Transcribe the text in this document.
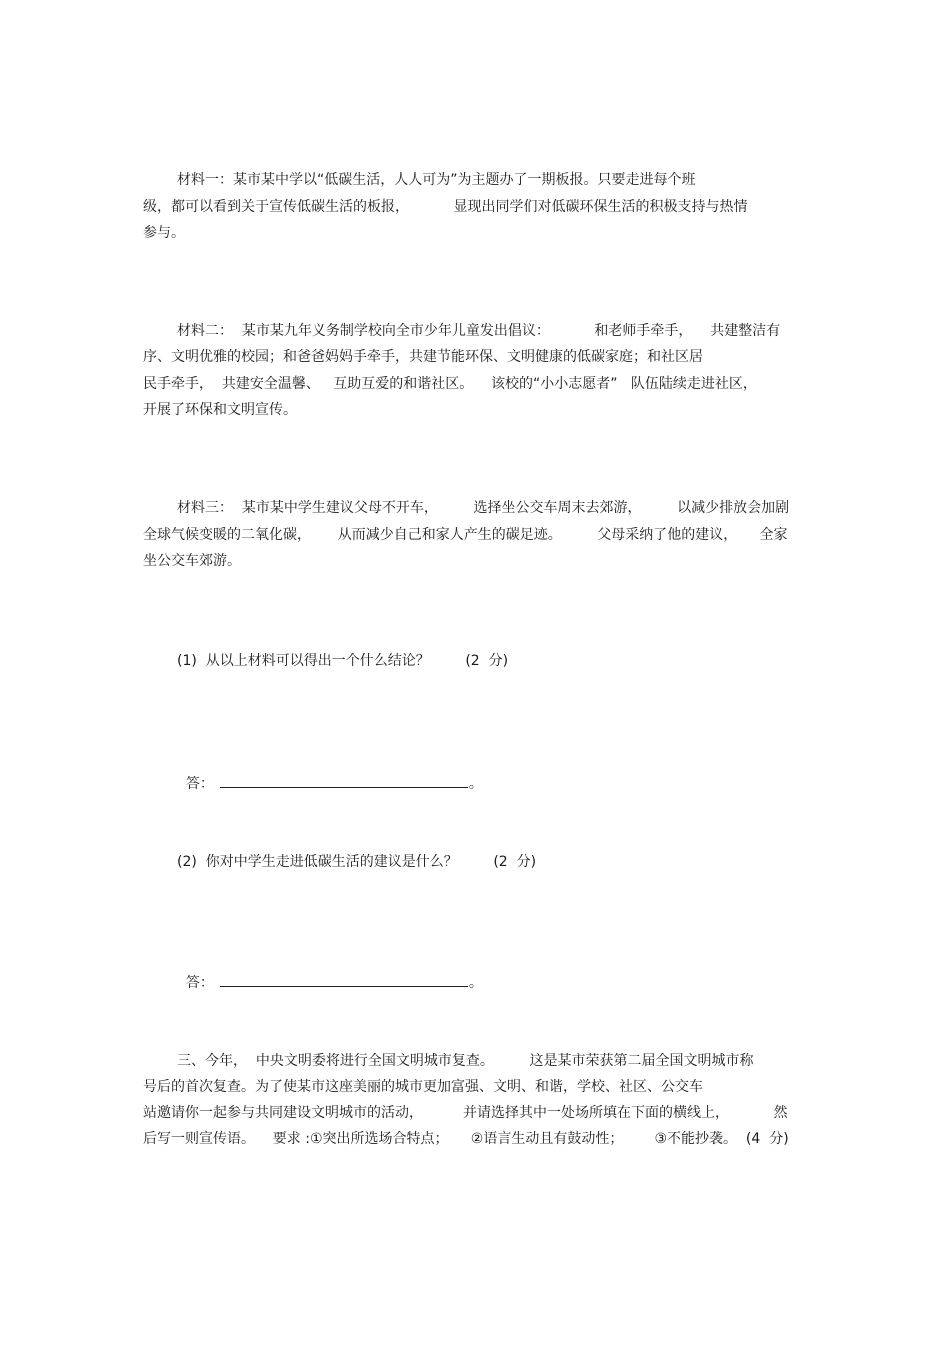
材料一：某市某中学以“低碳生活，人人可为”为主题办了一期板报。只要走进每个班
级，都可以看到关于宣传低碳生活的板报，          显现出同学们对低碳环保生活的积极支持与热情
参与。
材料二：  某市某九年义务制学校向全市少年儿童发出倡议：          和老师手牵手，    共建整洁有
序、文明优雅的校园；和爸爸妈妈手牵手，共建节能环保、文明健康的低碳家庭；和社区居
民手牵手，  共建安全温馨、   互助互爱的和谐社区。    该校的“小小志愿者”   队伍陆续走进社区，
开展了环保和文明宣传。
材料三：  某市某中学生建议父母不开车，        选择坐公交车周末去郊游，        以减少排放会加剧
全球气候变暖的二氧化碳，      从而减少自己和家人产生的碳足迹。        父母采纳了他的建议，     全家
坐公交车郊游。
(1)  从以上材料可以得出一个什么结论？        (2  分)

答：	。

(2)  你对中学生走进低碳生活的建议是什么？        (2  分)

答：	。

三、今年，  中央文明委将进行全国文明城市复查。        这是某市荣获第二届全国文明城市称
号后的首次复查。为了使某市这座美丽的城市更加富强、文明、和谐，学校、社区、公交车
站邀请你一起参与共同建设文明城市的活动，         并请选择其中一处场所填在下面的横线上，          然
后写一则宣传语。    要求 :①突出所选场合特点；     ②语言生动且有鼓动性；       ③不能抄袭。  (4  分)
